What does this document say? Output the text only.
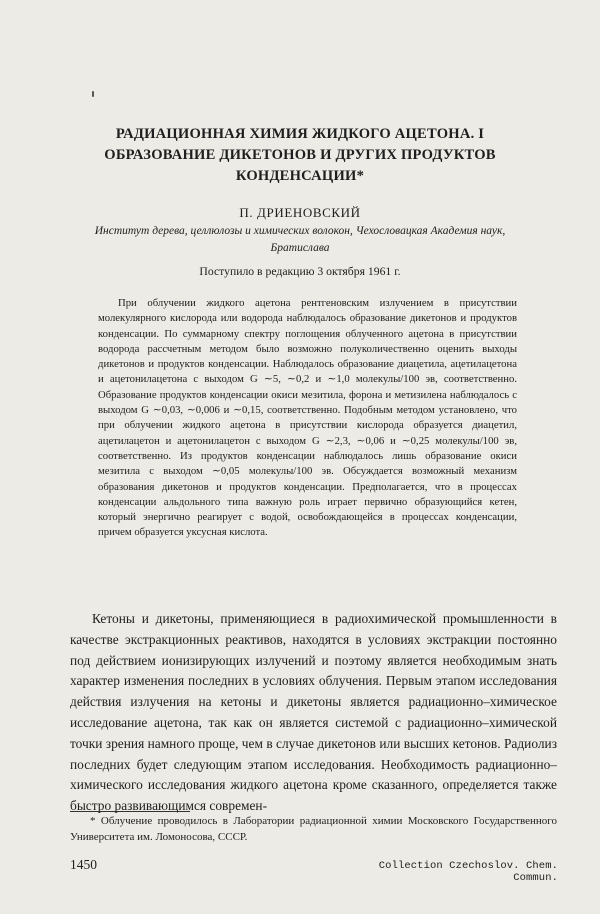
РАДИАЦИОННАЯ ХИМИЯ ЖИДКОГО АЦЕТОНА. I
ОБРАЗОВАНИЕ ДИКЕТОНОВ И ДРУГИХ ПРОДУКТОВ
КОНДЕНСАЦИИ*
П. ДРИЕНОВСКИЙ
Институт дерева, целлюлозы и химических волокон, Чехословацкая Академия наук, Братислава
Поступило в редакцию 3 октября 1961 г.

При облучении жидкого ацетона рентгеновским излучением в присутствии молекулярного кислорода или водорода наблюдалось образование дикетонов и продуктов конденсации. По суммарному спектру поглощения облученного ацетона в присутствии водорода рассчетным методом было возможно полуколичественно оценить выходы дикетонов и продуктов конденсации. Наблюдалось образование диацетила, ацетилацетона и ацетонилацетона с выходом G ∼5, ∼0,2 и ∼1,0 молекулы/100 эв, соответственно. Образование продуктов конденсации окиси мезитила, форона и метизилена наблюдалось с выходом G ∼0,03, ∼0,006 и ∼0,15, соответственно. Подобным методом установлено, что при облучении жидкого ацетона в присутствии кислорода образуется диацетил, ацетилацетон и ацетонилацетон с выходом G ∼2,3, ∼0,06 и ∼0,25 молекулы/100 эв, соответственно. Из продуктов конденсации наблюдалось лишь образование окиси мезитила с выходом ∼0,05 молекулы/100 эв. Обсуждается возможный механизм образования дикетонов и продуктов конденсации. Предполагается, что в процессах конденсации альдольного типа важную роль играет первично образующийся кетен, который энергично реагирует с водой, освобождающейся в процессах конденсации, причем образуется уксусная кислота.

Кетоны и дикетоны, применяющиеся в радиохимической промышленности в качестве экстракционных реактивов, находятся в условиях экстракции постоянно под действием ионизирующих излучений и поэтому является необходимым знать характер изменения последних в условиях облучения. Первым этапом исследования действия излучения на кетоны и дикетоны является радиационно–химическое исследование ацетона, так как он является системой с радиационно–химической точки зрения намного проще, чем в случае дикетонов или высших кетонов. Радиолиз последних будет следующим этапом исследования. Необходимость радиационно–химического исследования жидкого ацетона кроме сказанного, определяется также быстро развивающимся современ-

* Облучение проводилось в Лаборатории радиационной химии Московского Государственного Университета им. Ломоносова, СССР.

1450	Collection Czechoslov. Chem. Commun.
